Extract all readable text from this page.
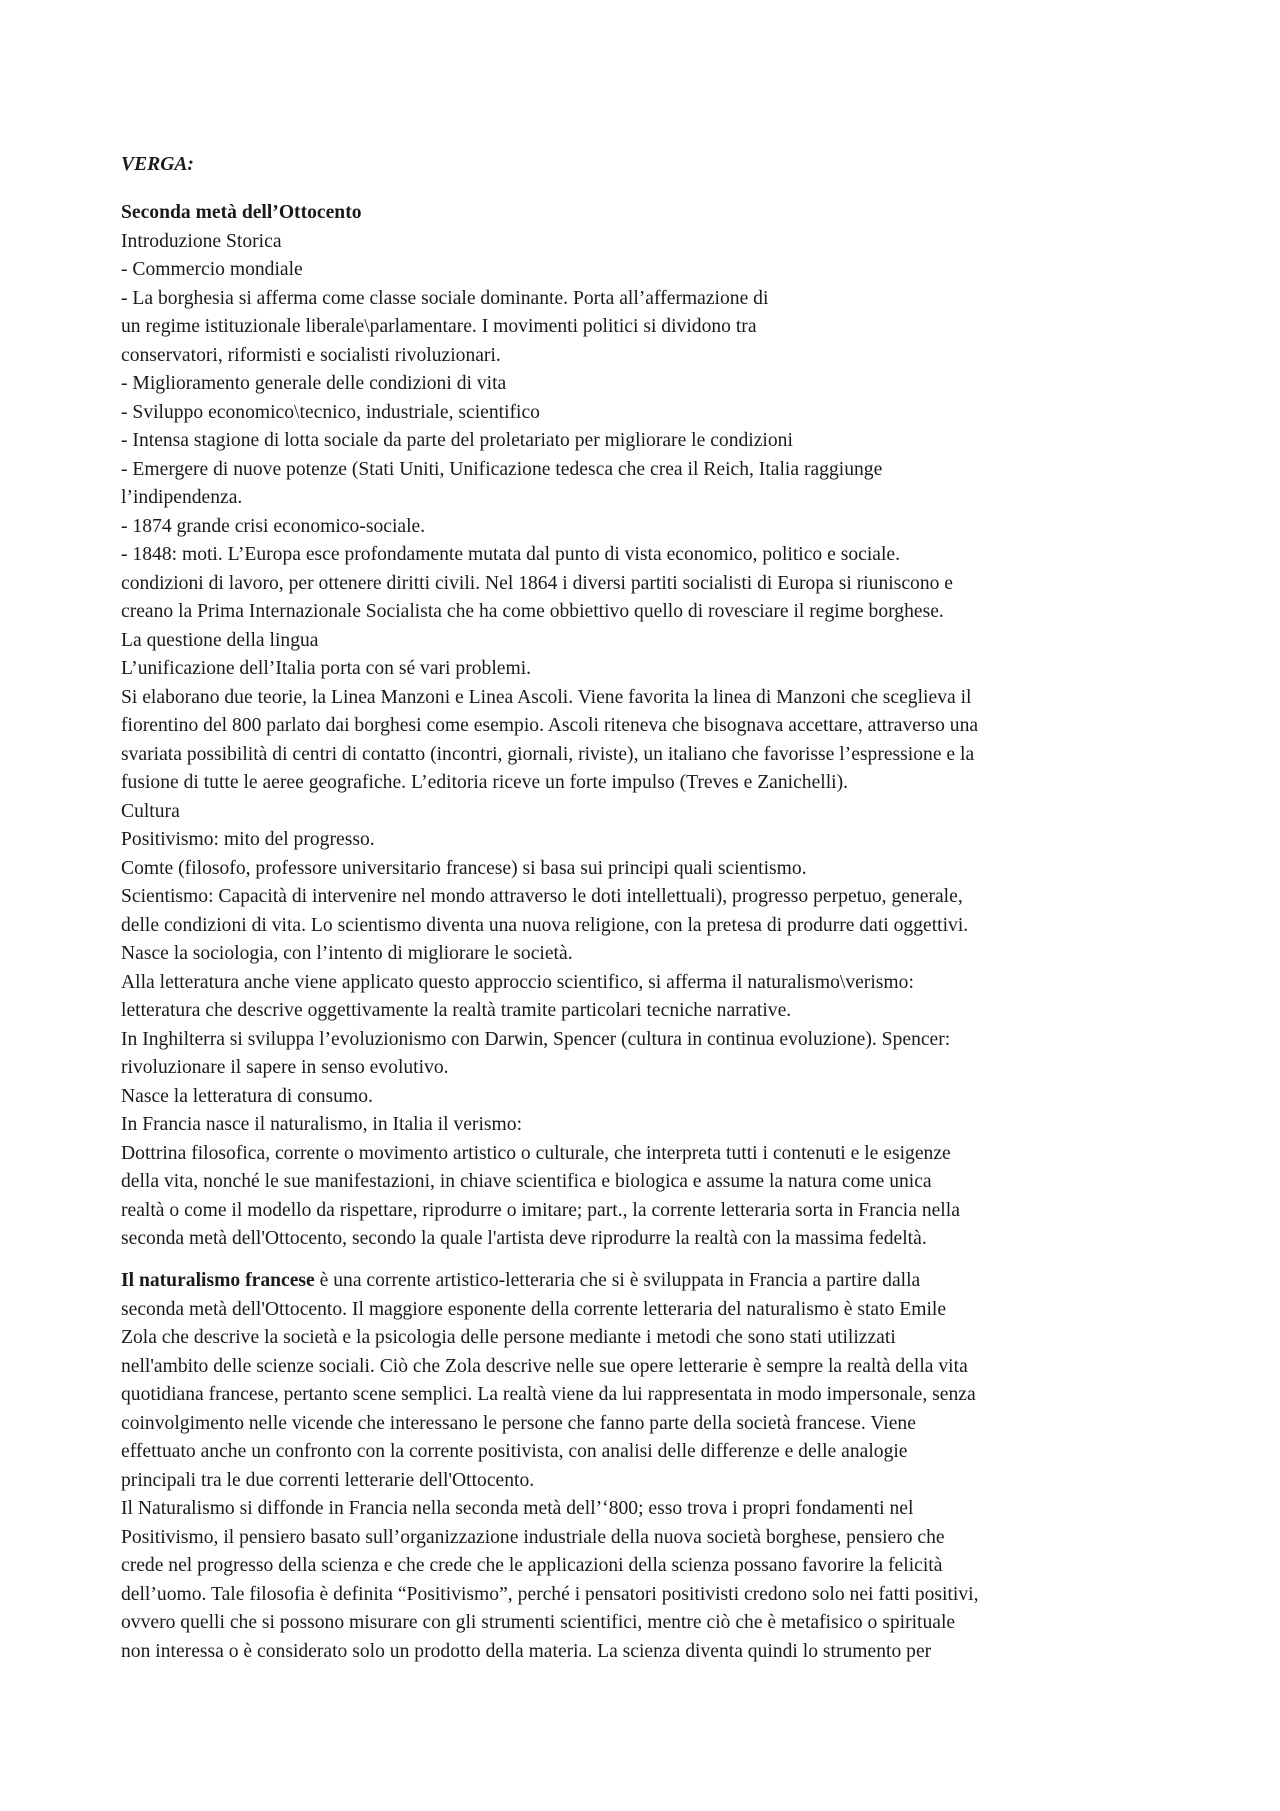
VERGA:
Seconda metà dell’Ottocento
Introduzione Storica
- Commercio mondiale
- La borghesia si afferma come classe sociale dominante. Porta all’affermazione di
un regime istituzionale liberale\parlamentare. I movimenti politici si dividono tra
conservatori, riformisti e socialisti rivoluzionari.
- Miglioramento generale delle condizioni di vita
- Sviluppo economico\tecnico, industriale, scientifico
- Intensa stagione di lotta sociale da parte del proletariato per migliorare le condizioni
- Emergere di nuove potenze (Stati Uniti, Unificazione tedesca che crea il Reich, Italia raggiunge
l’indipendenza.
- 1874 grande crisi economico-sociale.
- 1848: moti. L’Europa esce profondamente mutata dal punto di vista economico, politico e sociale.
condizioni di lavoro, per ottenere diritti civili. Nel 1864 i diversi partiti socialisti di Europa si riuniscono e
creano la Prima Internazionale Socialista che ha come obbiettivo quello di rovesciare il regime borghese.
La questione della lingua
L’unificazione dell’Italia porta con sé vari problemi.
Si elaborano due teorie, la Linea Manzoni e Linea Ascoli. Viene favorita la linea di Manzoni che sceglieva il
fiorentino del 800 parlato dai borghesi come esempio. Ascoli riteneva che bisognava accettare, attraverso una
svariata possibilità di centri di contatto (incontri, giornali, riviste), un italiano che favorisse l’espressione e la
fusione di tutte le aeree geografiche. L’editoria riceve un forte impulso (Treves e Zanichelli).
Cultura
Positivismo: mito del progresso.
Comte (filosofo, professore universitario francese) si basa sui principi quali scientismo.
Scientismo: Capacità di intervenire nel mondo attraverso le doti intellettuali), progresso perpetuo, generale,
delle condizioni di vita. Lo scientismo diventa una nuova religione, con la pretesa di produrre dati oggettivi.
Nasce la sociologia, con l’intento di migliorare le società.
Alla letteratura anche viene applicato questo approccio scientifico, si afferma il naturalismo\verismo:
letteratura che descrive oggettivamente la realtà tramite particolari tecniche narrative.
In Inghilterra si sviluppa l’evoluzionismo con Darwin, Spencer (cultura in continua evoluzione). Spencer:
rivoluzionare il sapere in senso evolutivo.
Nasce la letteratura di consumo.
In Francia nasce il naturalismo, in Italia il verismo:
Dottrina filosofica, corrente o movimento artistico o culturale, che interpreta tutti i contenuti e le esigenze
della vita, nonché le sue manifestazioni, in chiave scientifica e biologica e assume la natura come unica
realtà o come il modello da rispettare, riprodurre o imitare; part., la corrente letteraria sorta in Francia nella
seconda metà dell'Ottocento, secondo la quale l'artista deve riprodurre la realtà con la massima fedeltà.
Il naturalismo francese è una corrente artistico-letteraria che si è sviluppata in Francia a partire dalla
seconda metà dell'Ottocento. Il maggiore esponente della corrente letteraria del naturalismo è stato Emile
Zola che descrive la società e la psicologia delle persone mediante i metodi che sono stati utilizzati
nell'ambito delle scienze sociali. Ciò che Zola descrive nelle sue opere letterarie è sempre la realtà della vita
quotidiana francese, pertanto scene semplici. La realtà viene da lui rappresentata in modo impersonale, senza
coinvolgimento nelle vicende che interessano le persone che fanno parte della società francese. Viene
effettuato anche un confronto con la corrente positivista, con analisi delle differenze e delle analogie
principali tra le due correnti letterarie dell'Ottocento.
Il Naturalismo si diffonde in Francia nella seconda metà dell’‘800; esso trova i propri fondamenti nel
Positivismo, il pensiero basato sull’organizzazione industriale della nuova società borghese, pensiero che
crede nel progresso della scienza e che crede che le applicazioni della scienza possano favorire la felicità
dell’uomo. Tale filosofia è definita “Positivismo”, perché i pensatori positivisti credono solo nei fatti positivi,
ovvero quelli che si possono misurare con gli strumenti scientifici, mentre ciò che è metafisico o spirituale
non interessa o è considerato solo un prodotto della materia. La scienza diventa quindi lo strumento per
